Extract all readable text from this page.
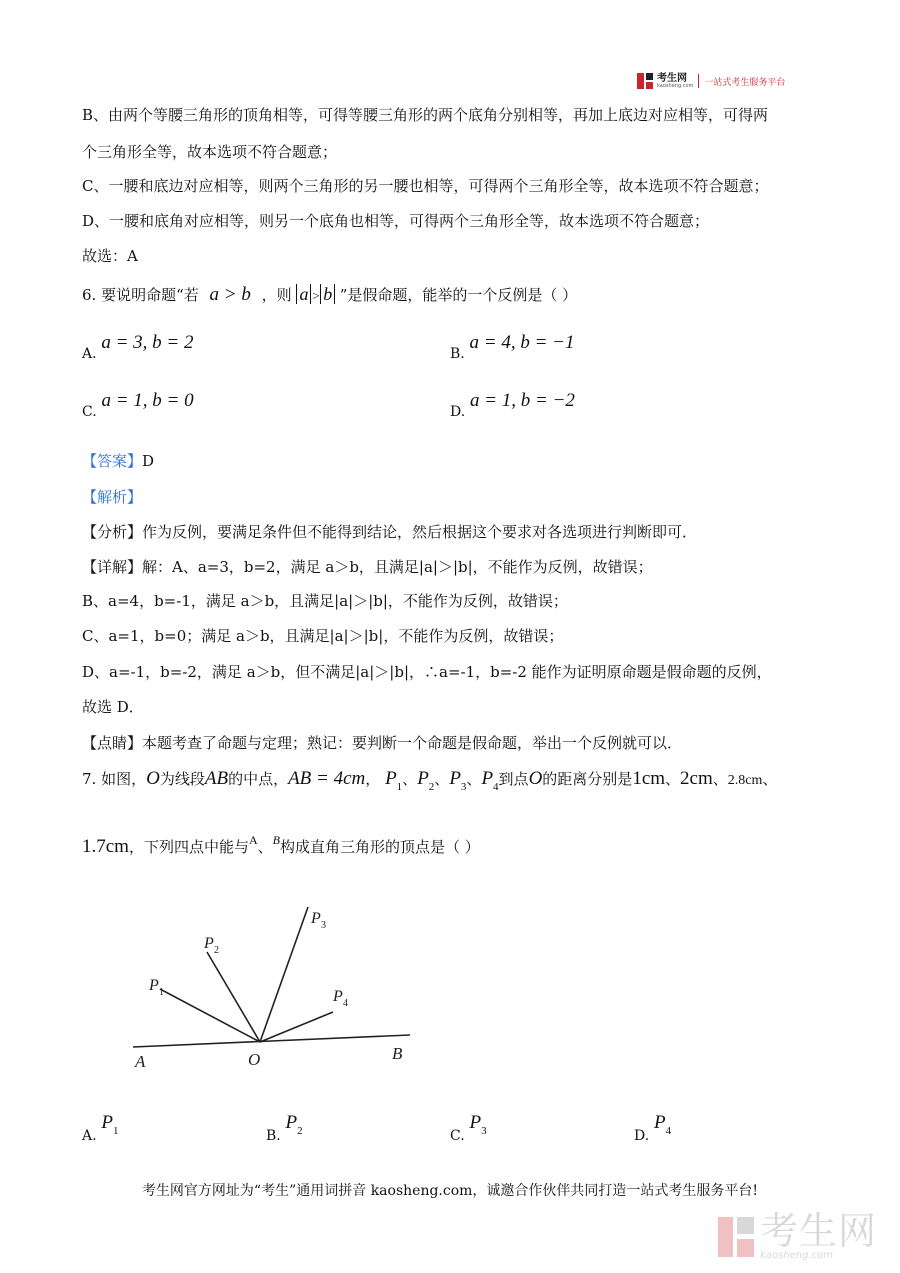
考生网
kaosheng.com 一站式考生服务平台
B、由两个等腰三角形的顶角相等，可得等腰三角形的两个底角分别相等，再加上底边对应相等，可得两
个三角形全等，故本选项不符合题意；
C、一腰和底边对应相等，则两个三角形的另一腰也相等，可得两个三角形全等，故本选项不符合题意；
D、一腰和底角对应相等，则另一个底角也相等，可得两个三角形全等，故本选项不符合题意；
故选：A
6. 要说明命题“若 a > b ，则 a > b ”是假命题，能举的一个反例是（ ）
A. a = 3, b = 2
B. a = 4, b = −1
C. a = 1, b = 0
D. a = 1, b = −2
【答案】D
【解析】
【分析】作为反例，要满足条件但不能得到结论，然后根据这个要求对各选项进行判断即可．
【详解】解：A、a=3，b=2，满足 a＞b，且满足|a|＞|b|，不能作为反例，故错误；
B、a=4，b=-1，满足 a＞b，且满足|a|＞|b|，不能作为反例，故错误；
C、a=1，b=0；满足 a＞b，且满足|a|＞|b|，不能作为反例，故错误；
D、a=-1，b=-2，满足 a＞b，但不满足|a|＞|b|，∴a=-1，b=-2 能作为证明原命题是假命题的反例，
故选 D．
【点睛】本题考查了命题与定理；熟记：要判断一个命题是假命题，举出一个反例就可以．
7. 如图，O为线段AB的中点，AB = 4cm， $P_1$、$P_2$、$P_3$、$P_4$到点O的距离分别是1cm、2cm、2.8cm、
1.7cm，下列四点中能与$^A$、$^B$构成直角三角形的顶点是（ ）
A	O	B
P 1
P 2
P 3
P 4
A. $P_1$	B. $P_2$	C. $P_3$	D. $P_4$
考生网官方网址为“考生”通用词拼音 kaosheng.com，诚邀合作伙伴共同打造一站式考生服务平台!
考生网
kaosheng.com
